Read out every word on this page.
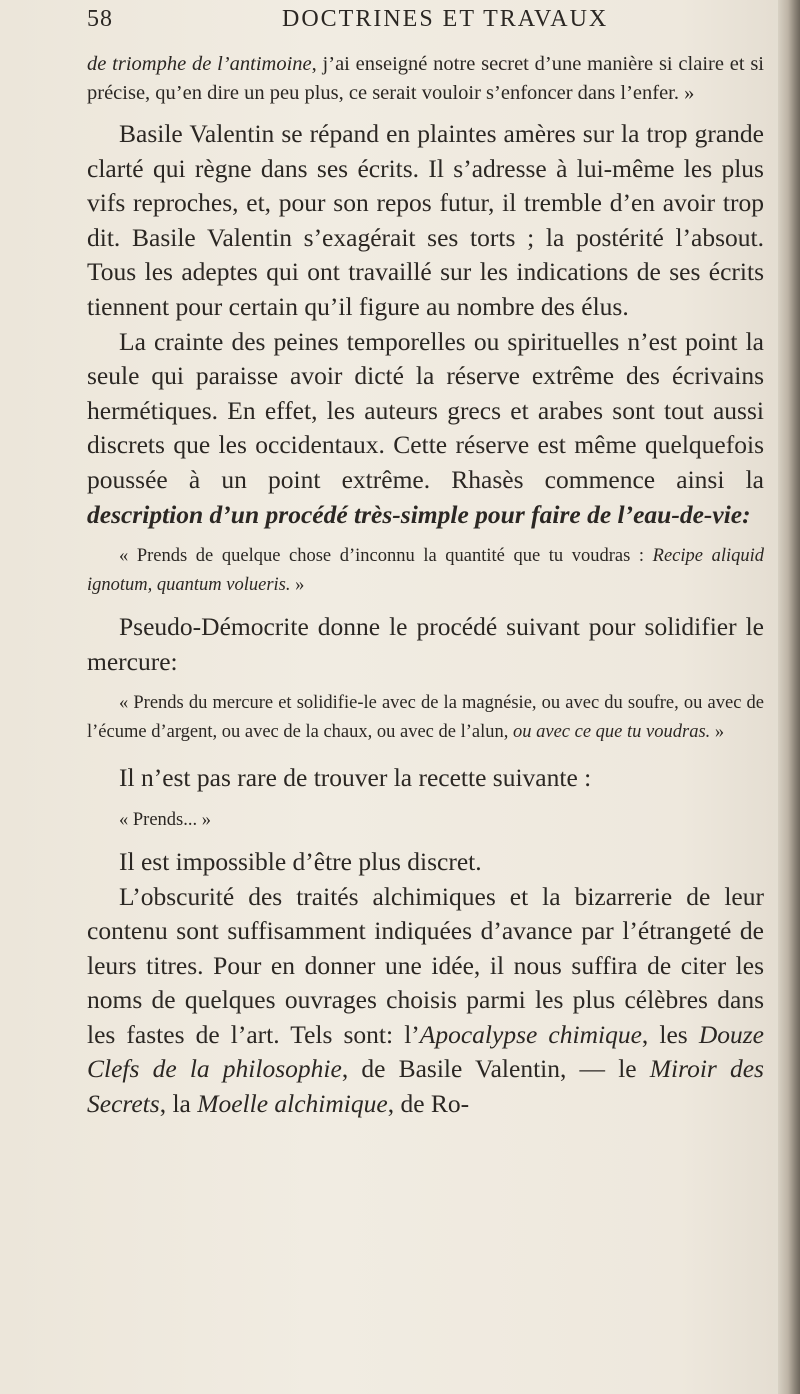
58	DOCTRINES ET TRAVAUX

de triomphe de l’antimoine, j’ai enseigné notre secret d’une manière si claire et si précise, qu’en dire un peu plus, ce serait vouloir s’enfoncer dans l’enfer. »

Basile Valentin se répand en plaintes amères sur la trop grande clarté qui règne dans ses écrits. Il s’adresse à lui-même les plus vifs reproches, et, pour son repos futur, il tremble d’en avoir trop dit. Basile Valentin s’exagérait ses torts ; la postérité l’absout. Tous les adeptes qui ont travaillé sur les indications de ses écrits tiennent pour certain qu’il figure au nombre des élus.

La crainte des peines temporelles ou spirituelles n’est point la seule qui paraisse avoir dicté la réserve extrême des écrivains hermétiques. En effet, les auteurs grecs et arabes sont tout aussi discrets que les occidentaux. Cette réserve est même quelquefois poussée à un point extrême. Rhasès commence ainsi la description d’un procédé très-simple pour faire de l’eau-de-vie:

« Prends de quelque chose d’inconnu la quantité que tu voudras : Recipe aliquid ignotum, quantum volueris. »

Pseudo-Démocrite donne le procédé suivant pour solidifier le mercure:

« Prends du mercure et solidifie-le avec de la magnésie, ou avec du soufre, ou avec de l’écume d’argent, ou avec de la chaux, ou avec de l’alun, ou avec ce que tu voudras. »

Il n’est pas rare de trouver la recette suivante :

« Prends... »

Il est impossible d’être plus discret.

L’obscurité des traités alchimiques et la bizarrerie de leur contenu sont suffisamment indiquées d’avance par l’étrangeté de leurs titres. Pour en donner une idée, il nous suffira de citer les noms de quelques ouvrages choisis parmi les plus célèbres dans les fastes de l’art. Tels sont: l’Apocalypse chimique, les Douze Clefs de la philosophie, de Basile Valentin, — le Miroir des Secrets, la Moelle alchimique, de Ro-
